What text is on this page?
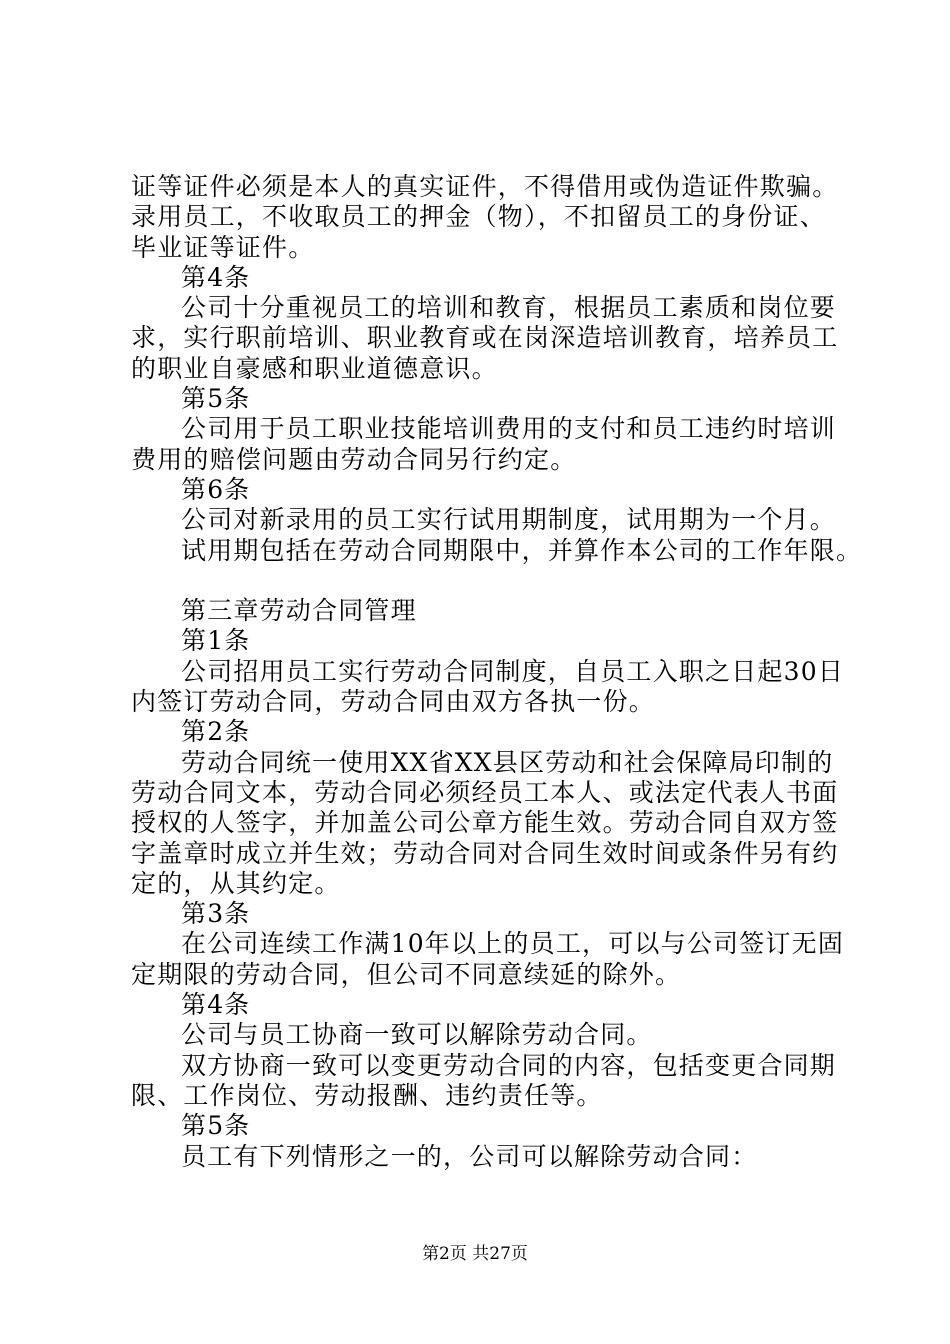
证等证件必须是本人的真实证件，不得借用或伪造证件欺骗。
录用员工，不收取员工的押金（物），不扣留员工的身份证、
毕业证等证件。
第4条
公司十分重视员工的培训和教育，根据员工素质和岗位要
求，实行职前培训、职业教育或在岗深造培训教育，培养员工
的职业自豪感和职业道德意识。
第5条
公司用于员工职业技能培训费用的支付和员工违约时培训
费用的赔偿问题由劳动合同另行约定。
第6条
公司对新录用的员工实行试用期制度，试用期为一个月。
试用期包括在劳动合同期限中，并算作本公司的工作年限。
第三章劳动合同管理
第1条
公司招用员工实行劳动合同制度，自员工入职之日起30日
内签订劳动合同，劳动合同由双方各执一份。
第2条
劳动合同统一使用XX省XX县区劳动和社会保障局印制的
劳动合同文本，劳动合同必须经员工本人、或法定代表人书面
授权的人签字，并加盖公司公章方能生效。劳动合同自双方签
字盖章时成立并生效；劳动合同对合同生效时间或条件另有约
定的，从其约定。
第3条
在公司连续工作满10年以上的员工，可以与公司签订无固
定期限的劳动合同，但公司不同意续延的除外。
第4条
公司与员工协商一致可以解除劳动合同。
双方协商一致可以变更劳动合同的内容，包括变更合同期
限、工作岗位、劳动报酬、违约责任等。
第5条
员工有下列情形之一的，公司可以解除劳动合同：
第2页 共27页
